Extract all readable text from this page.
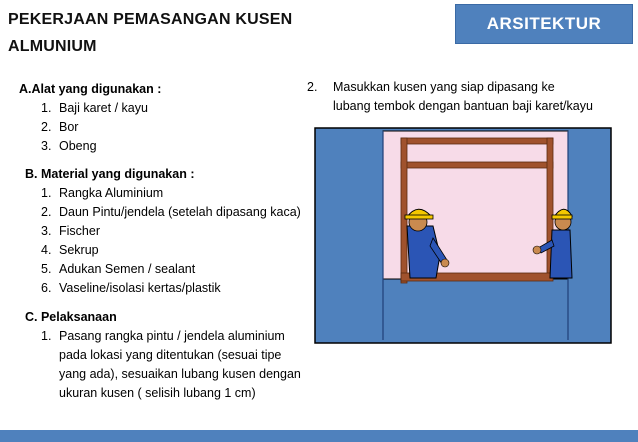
PEKERJAAN PEMASANGAN KUSEN
ALMUNIUM
ARSITEKTUR
A.Alat yang digunakan :
1. Baji karet / kayu
2. Bor
3. Obeng
B. Material yang digunakan :
1. Rangka Aluminium
2. Daun Pintu/jendela (setelah dipasang kaca)
3. Fischer
4. Sekrup
5. Adukan Semen / sealant
6. Vaseline/isolasi kertas/plastik
C. Pelaksanaan
1. Pasang rangka pintu / jendela aluminium
pada lokasi yang ditentukan (sesuai tipe
yang ada), sesuaikan lubang kusen dengan
ukuran kusen ( selisih lubang 1 cm)
2. Masukkan kusen yang siap dipasang ke
lubang tembok dengan bantuan baji karet/kayu
